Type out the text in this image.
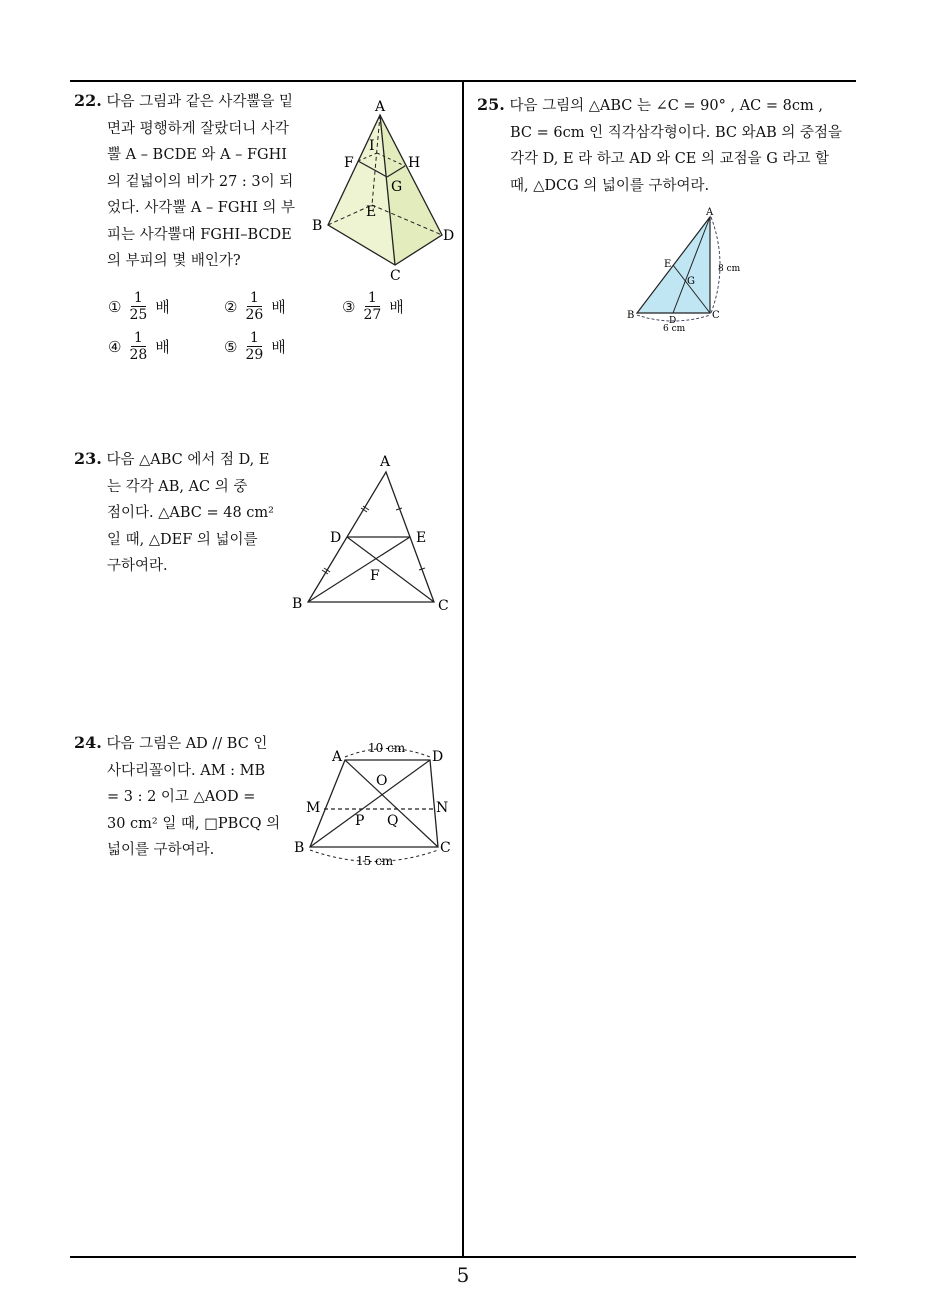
22. 다음 그림과 같은 사각뿔을 밑
면과 평행하게 잘랐더니 사각
뿔 A – BCDE 와 A – FGHI
의 겉넓이의 비가 27 : 3이 되
었다. 사각뿔 A – FGHI 의 부
피는 사각뿔대 FGHI–BCDE
의 부피의 몇 배인가?
① $\frac{1}{25}$ 배	② $\frac{1}{26}$ 배	③ $\frac{1}{27}$ 배
④ $\frac{1}{28}$ 배	⑤ $\frac{1}{29}$ 배
A
B
C
D
E
F
G
H
I
23. 다음 △ABC 에서 점 D, E
는 각각 AB, AC 의 중
점이다. △ABC = 48 cm²
일 때, △DEF 의 넓이를
구하여라.
A
B	C
D	E
F
24. 다음 그림은 AD // BC 인
사다리꼴이다. AM : MB
= 3 : 2 이고 △AOD =
30 cm² 일 때, □PBCQ 의
넓이를 구하여라.
10 cm
15 cm
A	D
O
M	N
P Q
B	C
25. 다음 그림의 △ABC 는 ∠C = 90° , AC = 8cm ,
BC = 6cm 인 직각삼각형이다. BC 와AB 의 중점을
각각 D, E 라 하고 AD 와 CE 의 교점을 G 라고 할
때, △DCG 의 넓이를 구하여라.
A
B	C
D
E
G
8 cm
6 cm
5
